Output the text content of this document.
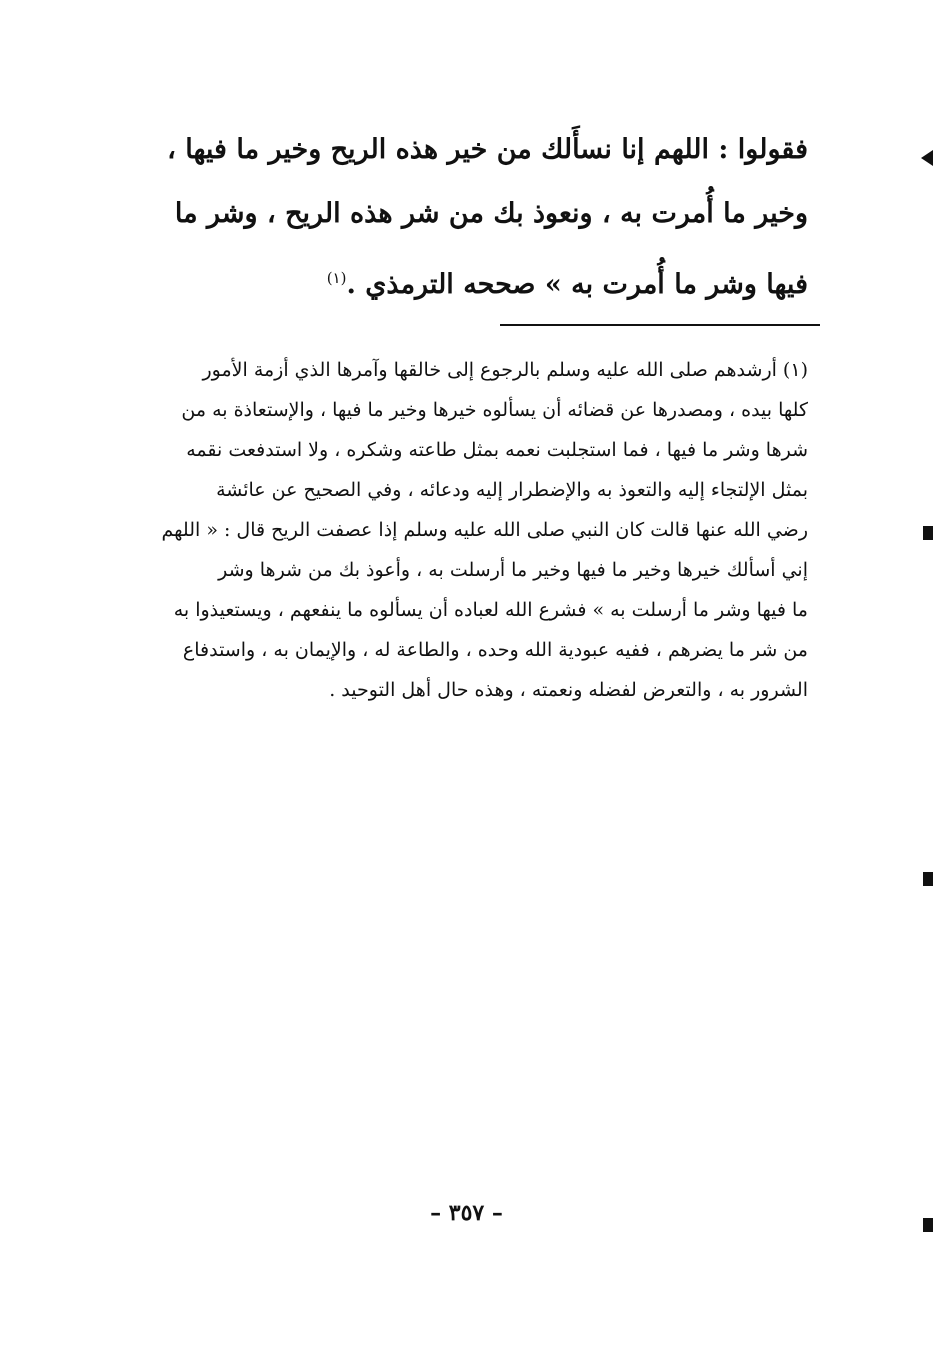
فقولوا : اللهم إنا نسأَلك من خير هذه الريح وخير ما فيها ،
وخير ما أُمرت به ، ونعوذ بك من شر هذه الريح ، وشر ما
فيها وشر ما أُمرت به » صححه الترمذي .$^{(١)}$
(١) أرشدهم صلى الله عليه وسلم بالرجوع إلى خالقها وآمرها الذي أزمة الأمور
كلها بيده ، ومصدرها عن قضائه أن يسألوه خيرها وخير ما فيها ، والإستعاذة به من
شرها وشر ما فيها ، فما استجلبت نعمه بمثل طاعته وشكره ، ولا استدفعت نقمه
بمثل الإلتجاء إليه والتعوذ به والإضطرار إليه ودعائه ، وفي الصحيح عن عائشة
رضي الله عنها قالت كان النبي صلى الله عليه وسلم إذا عصفت الريح قال : « اللهم
إني أسألك خيرها وخير ما فيها وخير ما أرسلت به ، وأعوذ بك من شرها وشر
ما فيها وشر ما أرسلت به » فشرع الله لعباده أن يسألوه ما ينفعهم ، ويستعيذوا به
من شر ما يضرهم ، ففيه عبودية الله وحده ، والطاعة له ، والإيمان به ، واستدفاع
الشرور به ، والتعرض لفضله ونعمته ، وهذه حال أهل التوحيد .
– ٣٥٧ –
